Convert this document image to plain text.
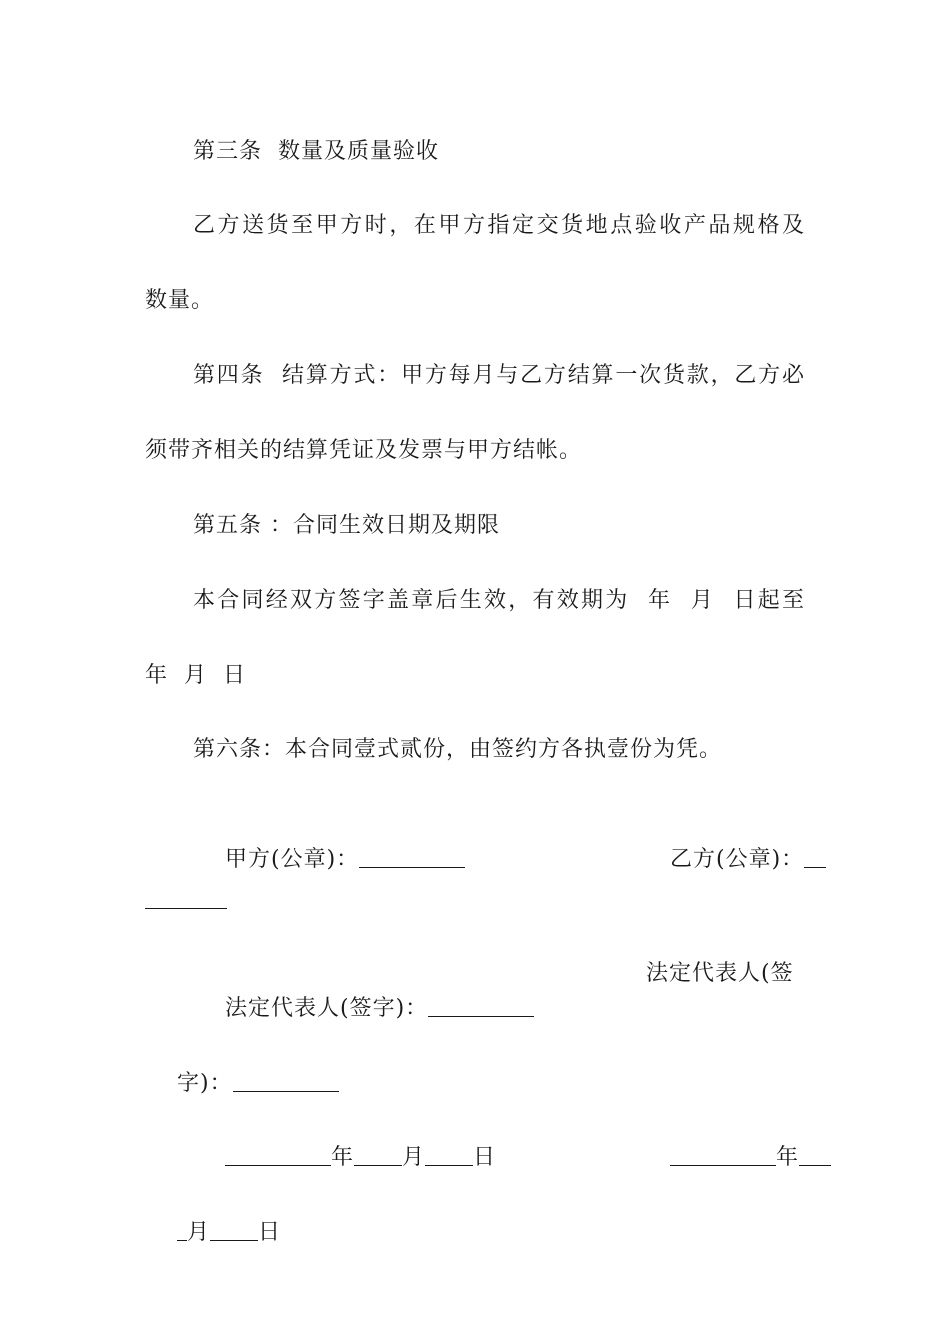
第三条  数量及质量验收
乙方送货至甲方时，在甲方指定交货地点验收产品规格及
数量。
第四条  结算方式：甲方每月与乙方结算一次货款，乙方必
须带齐相关的结算凭证及发票与甲方结帐。
第五条 ：合同生效日期及期限
本合同经双方签字盖章后生效，有效期为  年  月  日起至
年  月  日
第六条：本合同壹式贰份，由签约方各执壹份为凭。

甲方(公章)：
	乙方(公章)：

法定代表人(签字)：

法定代表人(签

字)：

年 月 日
	年

月 日
